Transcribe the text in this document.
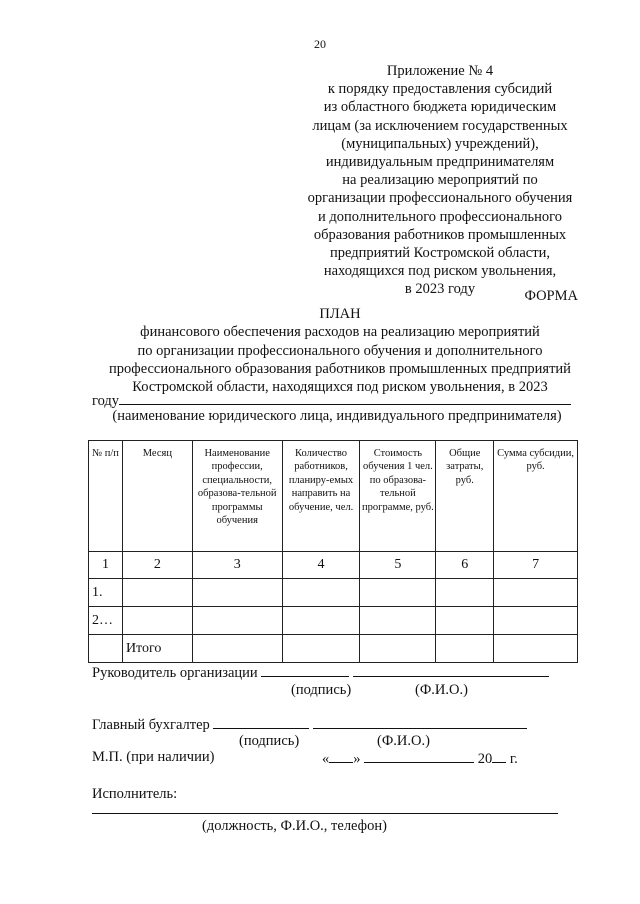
20
Приложение № 4
к порядку предоставления субсидий
из областного бюджета юридическим
лицам (за исключением государственных
(муниципальных) учреждений),
индивидуальным предпринимателям
на реализацию мероприятий по
организации профессионального обучения
и дополнительного профессионального
образования работников промышленных
предприятий Костромской области,
находящихся под риском увольнения,
в 2023 году	ФОРМА
ПЛАН
финансового обеспечения расходов на реализацию мероприятий
по организации профессионального обучения и дополнительного
профессионального образования работников промышленных предприятий
Костромской области, находящихся под риском увольнения, в 2023
году
(наименование юридического лица, индивидуального предпринимателя)
№ п/п	Месяц	Наименование профессии, специальности, образова-тельной программы обучения	Количество работников, планиру-емых направить на обучение, чел.	Стоимость обучения 1 чел. по образова-тельной программе, руб.	Общие затраты, руб.	Сумма субсидии, руб.
1	2	3	4	5	6	7
1.						
2…						
	Итого					
Руководитель организации
(подпись)	(Ф.И.О.)
Главный бухгалтер
(подпись)	(Ф.И.О.)
М.П. (при наличии)	« »	20 г.
Исполнитель:
(должность, Ф.И.О., телефон)
